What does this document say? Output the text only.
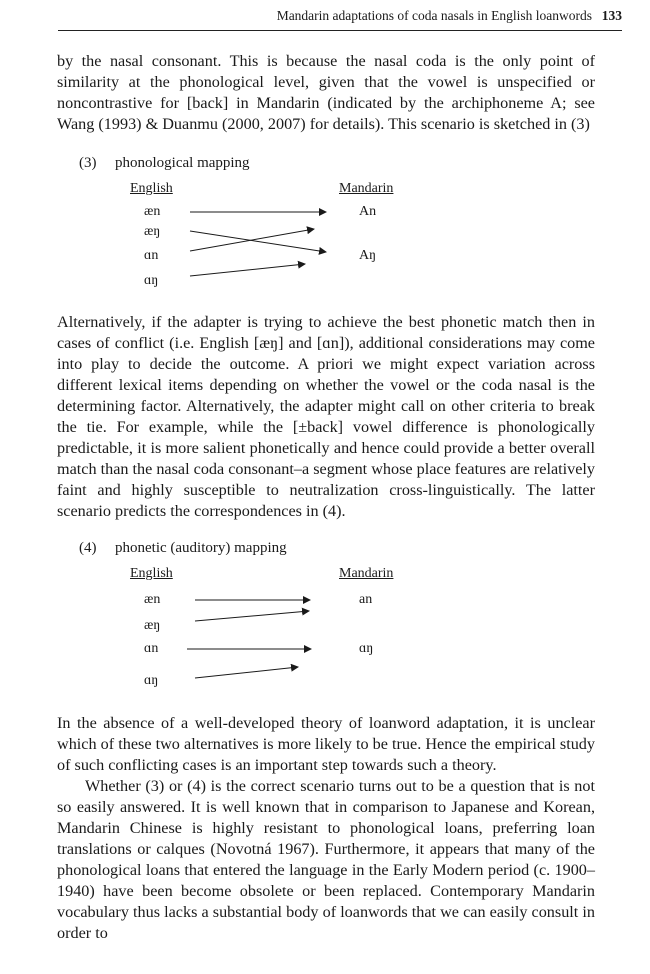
Mandarin adaptations of coda nasals in English loanwords 133

by the nasal consonant. This is because the nasal coda is the only point of similarity at the phonological level, given that the vowel is unspecified or noncontrastive for [back] in Mandarin (indicated by the archiphoneme A; see Wang (1993) & Duanmu (2000, 2007) for details). This scenario is sketched in (3)

(3) phonological mapping
English	Mandarin
æn
æŋ
ɑn
ɑŋ
An
Aŋ

Alternatively, if the adapter is trying to achieve the best phonetic match then in cases of conflict (i.e. English [æŋ] and [ɑn]), additional considerations may come into play to decide the outcome. A priori we might expect variation across different lexical items depending on whether the vowel or the coda nasal is the determining factor. Alternatively, the adapter might call on other criteria to break the tie. For example, while the [±back] vowel difference is phonologically predictable, it is more salient phonetically and hence could provide a better overall match than the nasal coda consonant–a segment whose place features are relatively faint and highly susceptible to neutralization cross-linguistically. The latter scenario predicts the correspondences in (4).

(4) phonetic (auditory) mapping
English	Mandarin
æn
æŋ
ɑn
ɑŋ
an
ɑŋ

In the absence of a well-developed theory of loanword adaptation, it is unclear which of these two alternatives is more likely to be true. Hence the empirical study of such conflicting cases is an important step towards such a theory.

Whether (3) or (4) is the correct scenario turns out to be a question that is not so easily answered. It is well known that in comparison to Japanese and Korean, Mandarin Chinese is highly resistant to phonological loans, preferring loan translations or calques (Novotná 1967). Furthermore, it appears that many of the phonological loans that entered the language in the Early Modern period (c. 1900–1940) have been become obsolete or been replaced. Contemporary Mandarin vocabulary thus lacks a substantial body of loanwords that we can easily consult in order to
